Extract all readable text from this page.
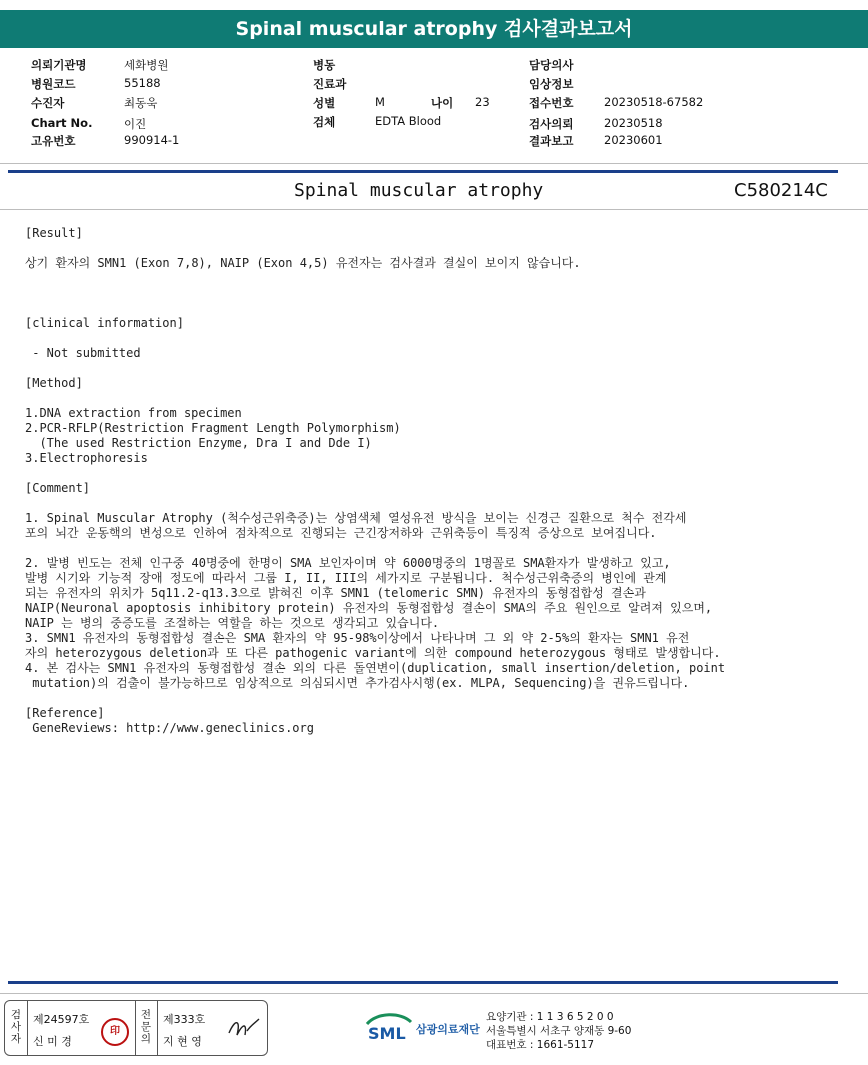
Spinal muscular atrophy 검사결과보고서
의뢰기관명	세화병원
병원코드	55188
수진자	최동욱
Chart No.	이진
고유번호	990914-1
병동
진료과
성별	M	나이 23
검체	EDTA Blood
담당의사
임상정보
접수번호	20230518-67582
검사의뢰	20230518
결과보고	20230601
Spinal muscular atrophy	C580214C
[Result]
상기 환자의 SMN1 (Exon 7,8), NAIP (Exon 4,5) 유전자는 검사결과 결실이 보이지 않습니다.
[clinical information]
- Not submitted
[Method]
1.DNA extraction from specimen
2.PCR-RFLP(Restriction Fragment Length Polymorphism)
(The used Restriction Enzyme, Dra I and Dde I)
3.Electrophoresis
[Comment]
1. Spinal Muscular Atrophy (척수성근위축증)는 상염색체 열성유전 방식을 보이는 신경근 질환으로 척수 전각세
포의 뇌간 운동핵의 변성으로 인하여 점차적으로 진행되는 근긴장저하와 근위축등이 특징적 증상으로 보여집니다.
2. 발병 빈도는 전체 인구중 40명중에 한명이 SMA 보인자이며 약 6000명중의 1명꼴로 SMA환자가 발생하고 있고,
발병 시기와 기능적 장애 정도에 따라서 그룹 I, II, III의 세가지로 구분됩니다. 척수성근위축증의 병인에 관계
되는 유전자의 위치가 5q11.2-q13.3으로 밝혀진 이후 SMN1 (telomeric SMN) 유전자의 동형접합성 결손과
NAIP(Neuronal apoptosis inhibitory protein) 유전자의 동형접합성 결손이 SMA의 주요 원인으로 알려져 있으며,
NAIP 는 병의 중증도를 조절하는 역할을 하는 것으로 생각되고 있습니다.
3. SMN1 유전자의 동형접합성 결손은 SMA 환자의 약 95-98%이상에서 나타나며 그 외 약 2-5%의 환자는 SMN1 유전
자의 heterozygous deletion과 또 다른 pathogenic variant에 의한 compound heterozygous 형태로 발생합니다.
4. 본 검사는 SMN1 유전자의 동형접합성 결손 외의 다른 돌연변이(duplication, small insertion/deletion, point
mutation)의 검출이 불가능하므로 임상적으로 의심되시면 추가검사시행(ex. MLPA, Sequencing)을 권유드립니다.
[Reference]
GeneReviews: http://www.geneclinics.org
검사자
제24597호
신 미 경
印
전문의
제333호
지 현 영	SML 삼광의료재단
요양기관 : 1 1 3 6 5 2 0 0
서울특별시 서초구 양재동 9-60
대표번호 : 1661-5117
